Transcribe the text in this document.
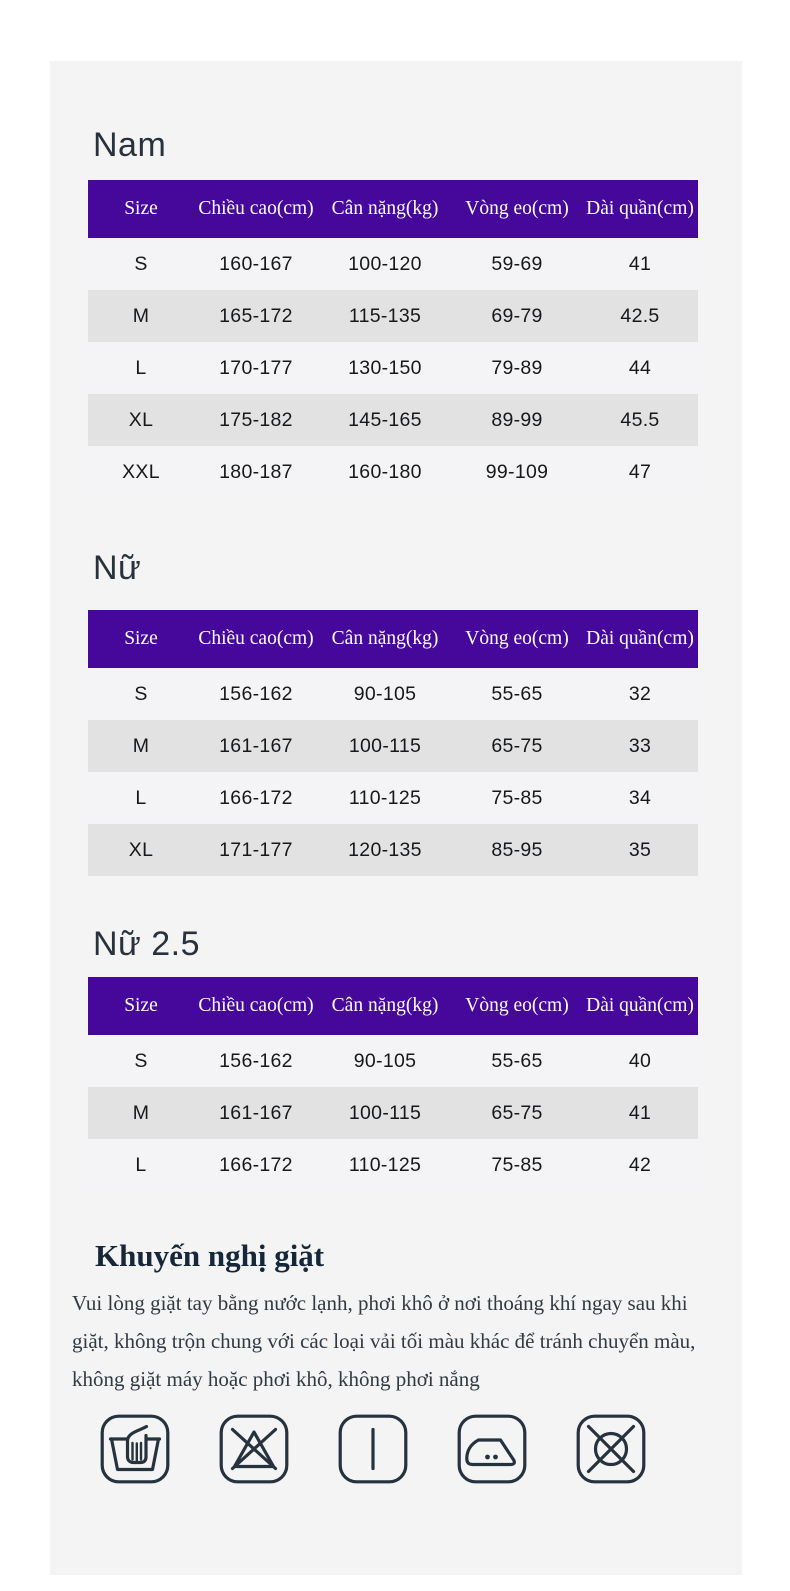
Nam
Size	Chiều cao(cm)	Cân nặng(kg)	Vòng eo(cm)	Dài quần(cm)
S	160-167	100-120	59-69	41
M	165-172	115-135	69-79	42.5
L	170-177	130-150	79-89	44
XL	175-182	145-165	89-99	45.5
XXL	180-187	160-180	99-109	47
Nữ
Size	Chiều cao(cm)	Cân nặng(kg)	Vòng eo(cm)	Dài quần(cm)
S	156-162	90-105	55-65	32
M	161-167	100-115	65-75	33
L	166-172	110-125	75-85	34
XL	171-177	120-135	85-95	35
Nữ 2.5
Size	Chiều cao(cm)	Cân nặng(kg)	Vòng eo(cm)	Dài quần(cm)
S	156-162	90-105	55-65	40
M	161-167	100-115	65-75	41
L	166-172	110-125	75-85	42
Khuyến nghị giặt

Vui lòng giặt tay bằng nước lạnh, phơi khô ở nơi thoáng khí ngay sau khi giặt, không trộn chung với các loại vải tối màu khác để tránh chuyển màu, không giặt máy hoặc phơi khô, không phơi nắng
